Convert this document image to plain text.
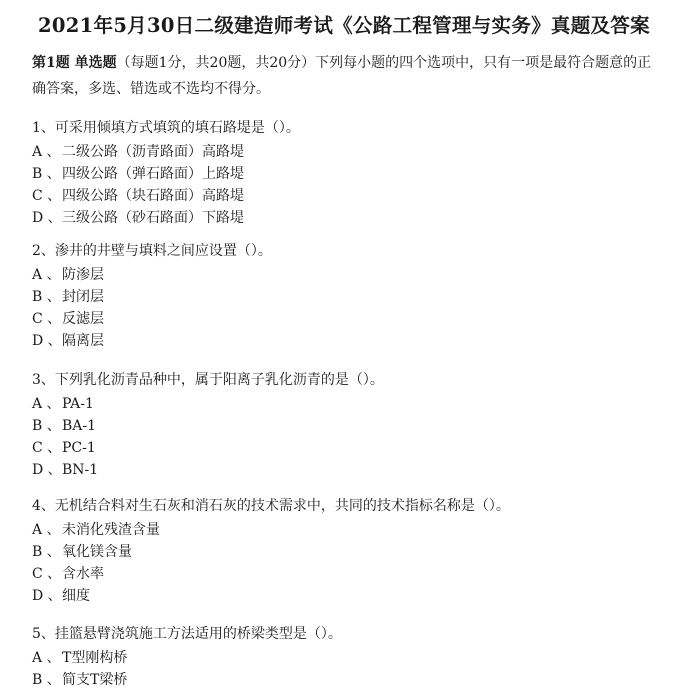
2021年5月30日二级建造师考试《公路工程管理与实务》真题及答案
第1题 单选题（每题1分，共20题，共20分）下列每小题的四个选项中，只有一项是最符合题意的正确答案，多选、错选或不选均不得分。
1、可采用倾填方式填筑的填石路堤是（）。
A 、二级公路（沥青路面）高路堤
B 、四级公路（弹石路面）上路堤
C 、四级公路（块石路面）高路堤
D 、三级公路（砂石路面）下路堤
2、渗井的井壁与填料之间应设置（）。
A 、防渗层
B 、封闭层
C 、反滤层
D 、隔离层
3、下列乳化沥青品种中，属于阳离子乳化沥青的是（）。
A 、PA-1
B 、BA-1
C 、PC-1
D 、BN-1
4、无机结合料对生石灰和消石灰的技术需求中，共同的技术指标名称是（）。
A 、未消化残渣含量
B 、氧化镁含量
C 、含水率
D 、细度
5、挂篮悬臂浇筑施工方法适用的桥梁类型是（）。
A 、T型刚构桥
B 、简支T梁桥
